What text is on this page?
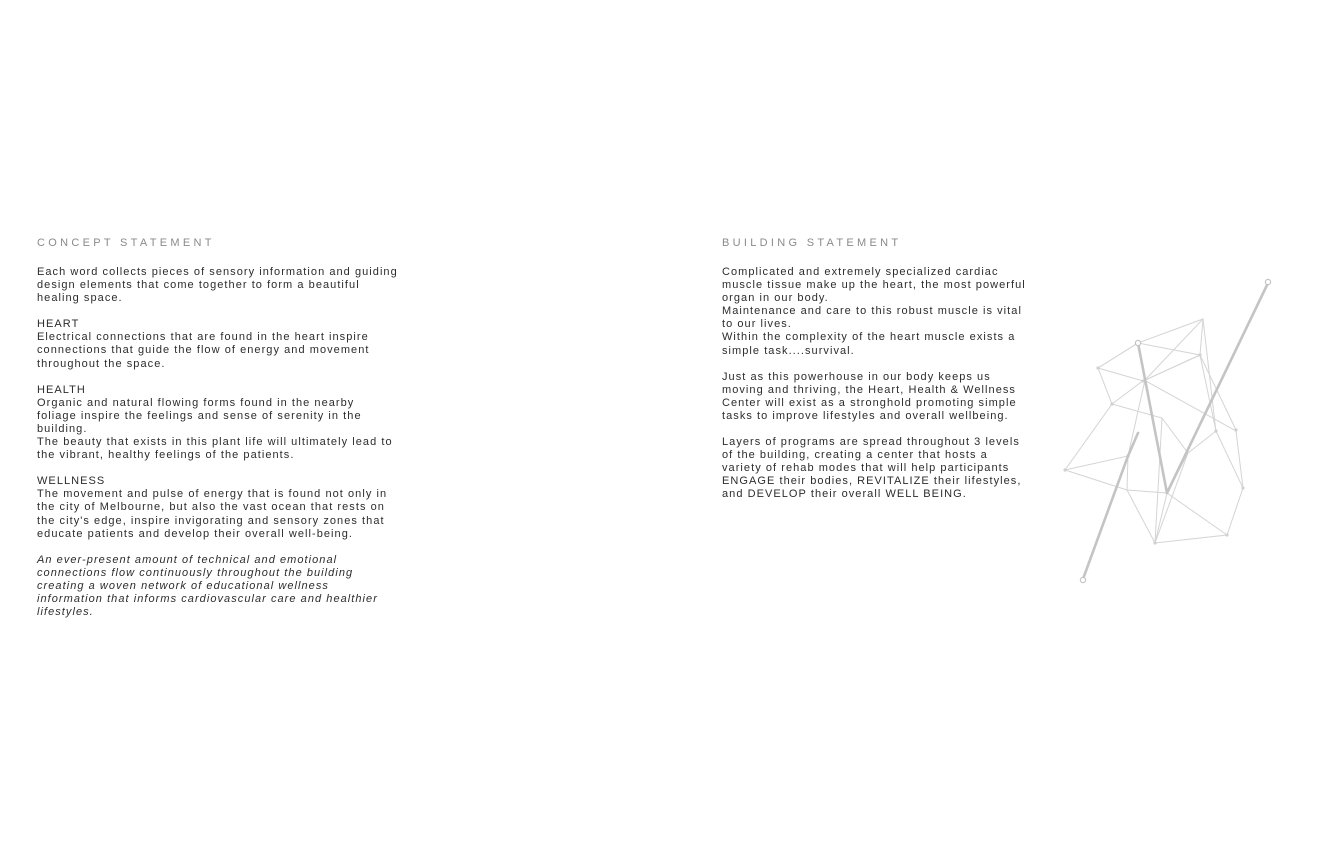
CONCEPT STATEMENT
Each word collects pieces of sensory information and guiding
design elements that come together to form a beautiful
healing space.
HEART
Electrical connections that are found in the heart inspire
connections that guide the flow of energy and movement
throughout the space.
HEALTH
Organic and natural flowing forms found in the nearby
foliage inspire the feelings and sense of serenity in the
building.
The beauty that exists in this plant life will ultimately lead to
the vibrant, healthy feelings of the patients.
WELLNESS
The movement and pulse of energy that is found not only in
the city of Melbourne, but also the vast ocean that rests on
the city's edge, inspire invigorating and sensory zones that
educate patients and develop their overall well-being.
An ever-present amount of technical and emotional
connections flow continuously throughout the building
creating a woven network of educational wellness
information that informs cardiovascular care and healthier
lifestyles.
BUILDING STATEMENT
Complicated and extremely specialized cardiac
muscle tissue make up the heart, the most powerful
organ in our body.
Maintenance and care to this robust muscle is vital
to our lives.
Within the complexity of the heart muscle exists a
simple task....survival.
Just as this powerhouse in our body keeps us
moving and thriving, the Heart, Health & Wellness
Center will exist as a stronghold promoting simple
tasks to improve lifestyles and overall wellbeing.
Layers of programs are spread throughout 3 levels
of the building, creating a center that hosts a
variety of rehab modes that will help participants
ENGAGE their bodies, REVITALIZE their lifestyles,
and DEVELOP their overall WELL BEING.
